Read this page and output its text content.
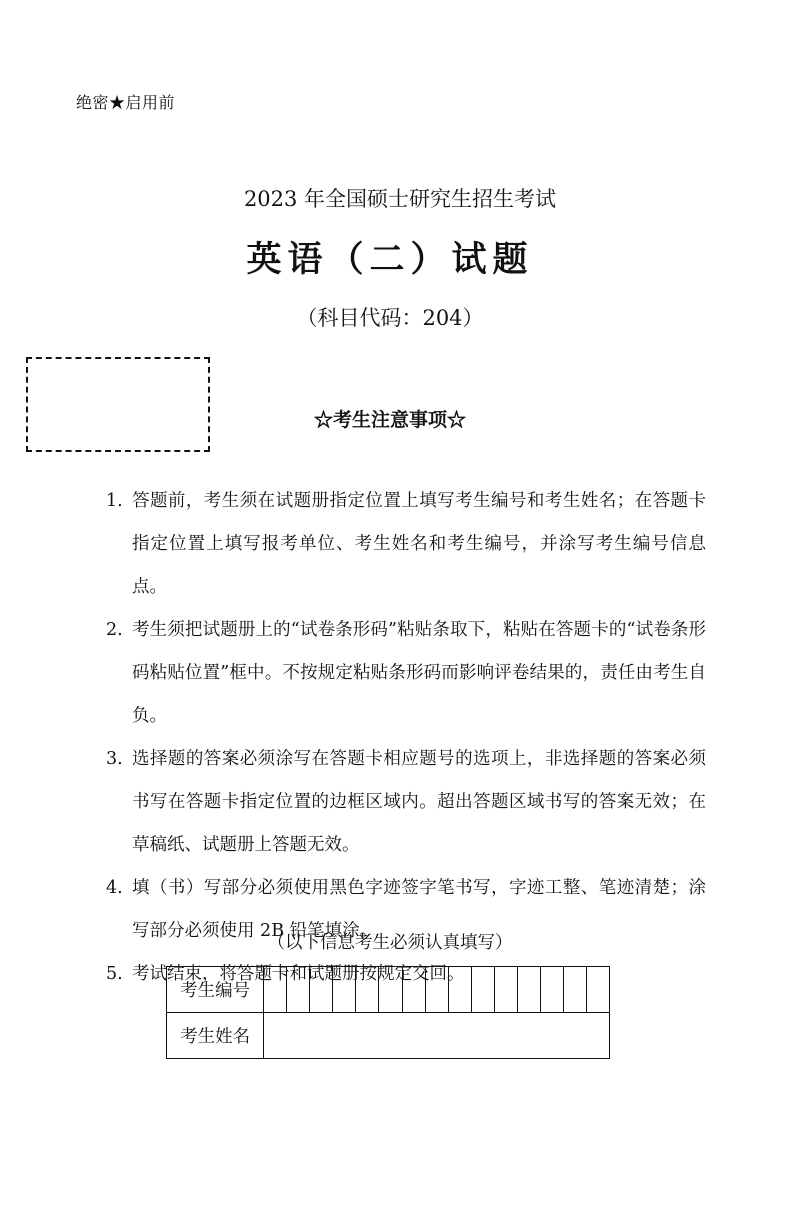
绝密★启用前
2023 年全国硕士研究生招生考试
英语（二）试题
（科目代码：204）
☆考生注意事项☆
1. 答题前，考生须在试题册指定位置上填写考生编号和考生姓名；在答题卡指定位置上填写报考单位、考生姓名和考生编号，并涂写考生编号信息点。
2. 考生须把试题册上的“试卷条形码”粘贴条取下，粘贴在答题卡的“试卷条形码粘贴位置”框中。不按规定粘贴条形码而影响评卷结果的，责任由考生自负。
3. 选择题的答案必须涂写在答题卡相应题号的选项上，非选择题的答案必须书写在答题卡指定位置的边框区域内。超出答题区域书写的答案无效；在草稿纸、试题册上答题无效。
4. 填（书）写部分必须使用黑色字迹签字笔书写，字迹工整、笔迹清楚；涂写部分必须使用 2B 铅笔填涂。
5. 考试结束，将答题卡和试题册按规定交回。
（以下信息考生必须认真填写）
考生编号															
考生姓名															
